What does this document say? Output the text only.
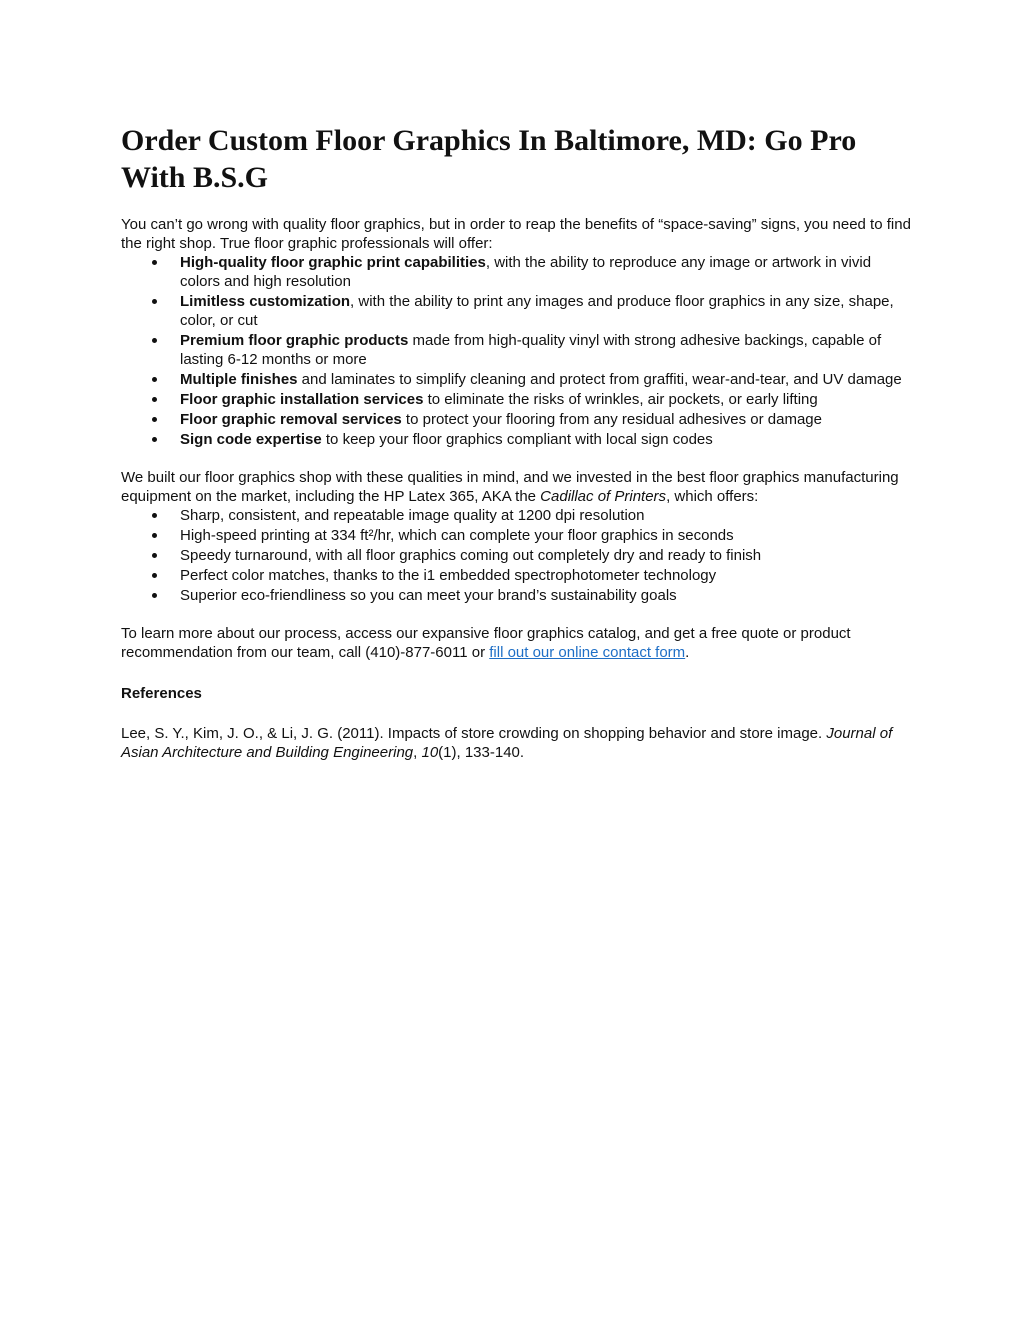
Order Custom Floor Graphics In Baltimore, MD: Go Pro With B.S.G

You can’t go wrong with quality floor graphics, but in order to reap the benefits of “space-saving” signs, you need to find the right shop. True floor graphic professionals will offer:

High-quality floor graphic print capabilities, with the ability to reproduce any image or artwork in vivid colors and high resolution
Limitless customization, with the ability to print any images and produce floor graphics in any size, shape, color, or cut
Premium floor graphic products made from high-quality vinyl with strong adhesive backings, capable of lasting 6-12 months or more
Multiple finishes and laminates to simplify cleaning and protect from graffiti, wear-and-tear, and UV damage
Floor graphic installation services to eliminate the risks of wrinkles, air pockets, or early lifting
Floor graphic removal services to protect your flooring from any residual adhesives or damage
Sign code expertise to keep your floor graphics compliant with local sign codes

We built our floor graphics shop with these qualities in mind, and we invested in the best floor graphics manufacturing equipment on the market, including the HP Latex 365, AKA the Cadillac of Printers, which offers:

Sharp, consistent, and repeatable image quality at 1200 dpi resolution
High-speed printing at 334 ft²/hr, which can complete your floor graphics in seconds
Speedy turnaround, with all floor graphics coming out completely dry and ready to finish
Perfect color matches, thanks to the i1 embedded spectrophotometer technology
Superior eco-friendliness so you can meet your brand’s sustainability goals

To learn more about our process, access our expansive floor graphics catalog, and get a free quote or product recommendation from our team, call (410)-877-6011 or fill out our online contact form.

References

Lee, S. Y., Kim, J. O., & Li, J. G. (2011). Impacts of store crowding on shopping behavior and store image. Journal of Asian Architecture and Building Engineering, 10(1), 133-140.
